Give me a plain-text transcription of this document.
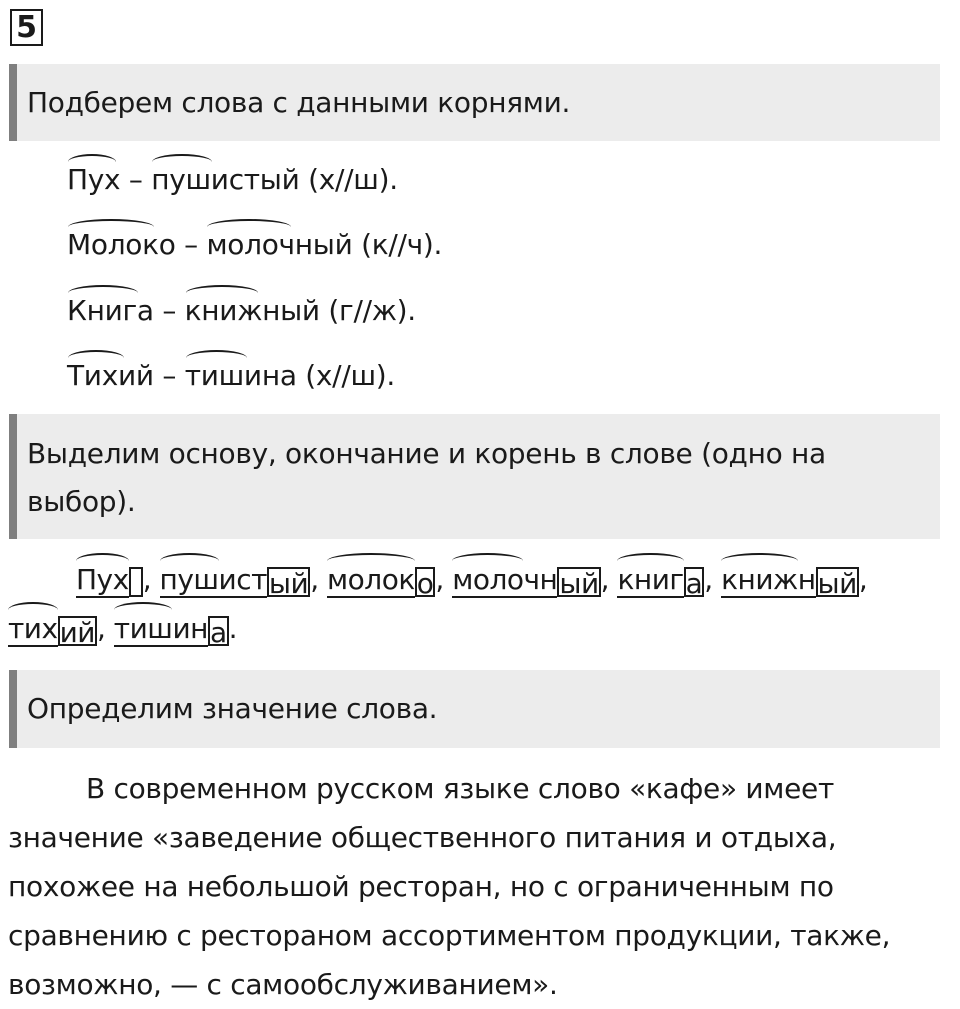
5
Подберем слова с данными корнями.
Пух – пушистый (х//ш).
Молоко – молочный (к//ч).
Книга – книжный (г//ж).
Тихий – тишина (х//ш).
Выделим основу, окончание и корень в слове (одно на выбор).
Пух , пушистый, молоко, молочный, книга, книжный,
тихий, тишина.
Определим значение слова.
В современном русском языке слово «кафе» имеет
значение «заведение общественного питания и отдыха,
похожее на небольшой ресторан, но с ограниченным по
сравнению с рестораном ассортиментом продукции, также,
возможно, — с самообслуживанием».
